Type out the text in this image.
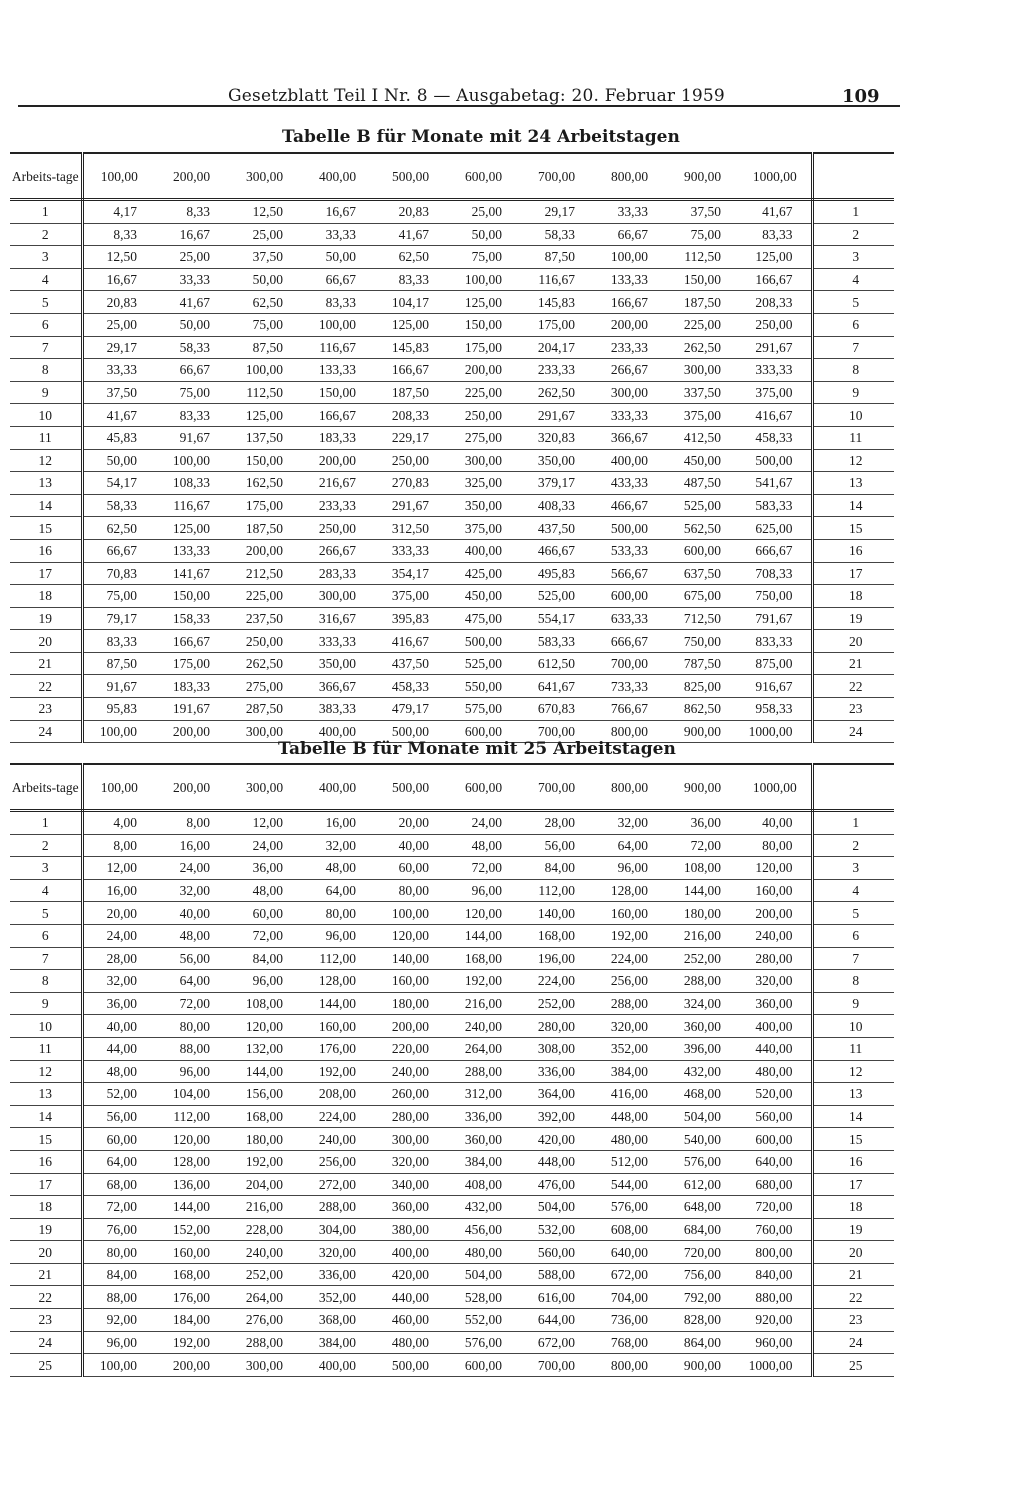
Gesetzblatt Teil I Nr. 8 — Ausgabetag: 20. Februar 1959	109
Tabelle B für Monate mit 24 Arbeitstagen
Arbeits-tage	100,00	200,00	300,00	400,00	500,00	600,00	700,00	800,00	900,00	1000,00	
1	4,17	8,33	12,50	16,67	20,83	25,00	29,17	33,33	37,50	41,67	1
2	8,33	16,67	25,00	33,33	41,67	50,00	58,33	66,67	75,00	83,33	2
3	12,50	25,00	37,50	50,00	62,50	75,00	87,50	100,00	112,50	125,00	3
4	16,67	33,33	50,00	66,67	83,33	100,00	116,67	133,33	150,00	166,67	4
5	20,83	41,67	62,50	83,33	104,17	125,00	145,83	166,67	187,50	208,33	5
6	25,00	50,00	75,00	100,00	125,00	150,00	175,00	200,00	225,00	250,00	6
7	29,17	58,33	87,50	116,67	145,83	175,00	204,17	233,33	262,50	291,67	7
8	33,33	66,67	100,00	133,33	166,67	200,00	233,33	266,67	300,00	333,33	8
9	37,50	75,00	112,50	150,00	187,50	225,00	262,50	300,00	337,50	375,00	9
10	41,67	83,33	125,00	166,67	208,33	250,00	291,67	333,33	375,00	416,67	10
11	45,83	91,67	137,50	183,33	229,17	275,00	320,83	366,67	412,50	458,33	11
12	50,00	100,00	150,00	200,00	250,00	300,00	350,00	400,00	450,00	500,00	12
13	54,17	108,33	162,50	216,67	270,83	325,00	379,17	433,33	487,50	541,67	13
14	58,33	116,67	175,00	233,33	291,67	350,00	408,33	466,67	525,00	583,33	14
15	62,50	125,00	187,50	250,00	312,50	375,00	437,50	500,00	562,50	625,00	15
16	66,67	133,33	200,00	266,67	333,33	400,00	466,67	533,33	600,00	666,67	16
17	70,83	141,67	212,50	283,33	354,17	425,00	495,83	566,67	637,50	708,33	17
18	75,00	150,00	225,00	300,00	375,00	450,00	525,00	600,00	675,00	750,00	18
19	79,17	158,33	237,50	316,67	395,83	475,00	554,17	633,33	712,50	791,67	19
20	83,33	166,67	250,00	333,33	416,67	500,00	583,33	666,67	750,00	833,33	20
21	87,50	175,00	262,50	350,00	437,50	525,00	612,50	700,00	787,50	875,00	21
22	91,67	183,33	275,00	366,67	458,33	550,00	641,67	733,33	825,00	916,67	22
23	95,83	191,67	287,50	383,33	479,17	575,00	670,83	766,67	862,50	958,33	23
24	100,00	200,00	300,00	400,00	500,00	600,00	700,00	800,00	900,00	1000,00	24
Tabelle B für Monate mit 25 Arbeitstagen
Arbeits-tage	100,00	200,00	300,00	400,00	500,00	600,00	700,00	800,00	900,00	1000,00	
1	4,00	8,00	12,00	16,00	20,00	24,00	28,00	32,00	36,00	40,00	1
2	8,00	16,00	24,00	32,00	40,00	48,00	56,00	64,00	72,00	80,00	2
3	12,00	24,00	36,00	48,00	60,00	72,00	84,00	96,00	108,00	120,00	3
4	16,00	32,00	48,00	64,00	80,00	96,00	112,00	128,00	144,00	160,00	4
5	20,00	40,00	60,00	80,00	100,00	120,00	140,00	160,00	180,00	200,00	5
6	24,00	48,00	72,00	96,00	120,00	144,00	168,00	192,00	216,00	240,00	6
7	28,00	56,00	84,00	112,00	140,00	168,00	196,00	224,00	252,00	280,00	7
8	32,00	64,00	96,00	128,00	160,00	192,00	224,00	256,00	288,00	320,00	8
9	36,00	72,00	108,00	144,00	180,00	216,00	252,00	288,00	324,00	360,00	9
10	40,00	80,00	120,00	160,00	200,00	240,00	280,00	320,00	360,00	400,00	10
11	44,00	88,00	132,00	176,00	220,00	264,00	308,00	352,00	396,00	440,00	11
12	48,00	96,00	144,00	192,00	240,00	288,00	336,00	384,00	432,00	480,00	12
13	52,00	104,00	156,00	208,00	260,00	312,00	364,00	416,00	468,00	520,00	13
14	56,00	112,00	168,00	224,00	280,00	336,00	392,00	448,00	504,00	560,00	14
15	60,00	120,00	180,00	240,00	300,00	360,00	420,00	480,00	540,00	600,00	15
16	64,00	128,00	192,00	256,00	320,00	384,00	448,00	512,00	576,00	640,00	16
17	68,00	136,00	204,00	272,00	340,00	408,00	476,00	544,00	612,00	680,00	17
18	72,00	144,00	216,00	288,00	360,00	432,00	504,00	576,00	648,00	720,00	18
19	76,00	152,00	228,00	304,00	380,00	456,00	532,00	608,00	684,00	760,00	19
20	80,00	160,00	240,00	320,00	400,00	480,00	560,00	640,00	720,00	800,00	20
21	84,00	168,00	252,00	336,00	420,00	504,00	588,00	672,00	756,00	840,00	21
22	88,00	176,00	264,00	352,00	440,00	528,00	616,00	704,00	792,00	880,00	22
23	92,00	184,00	276,00	368,00	460,00	552,00	644,00	736,00	828,00	920,00	23
24	96,00	192,00	288,00	384,00	480,00	576,00	672,00	768,00	864,00	960,00	24
25	100,00	200,00	300,00	400,00	500,00	600,00	700,00	800,00	900,00	1000,00	25
